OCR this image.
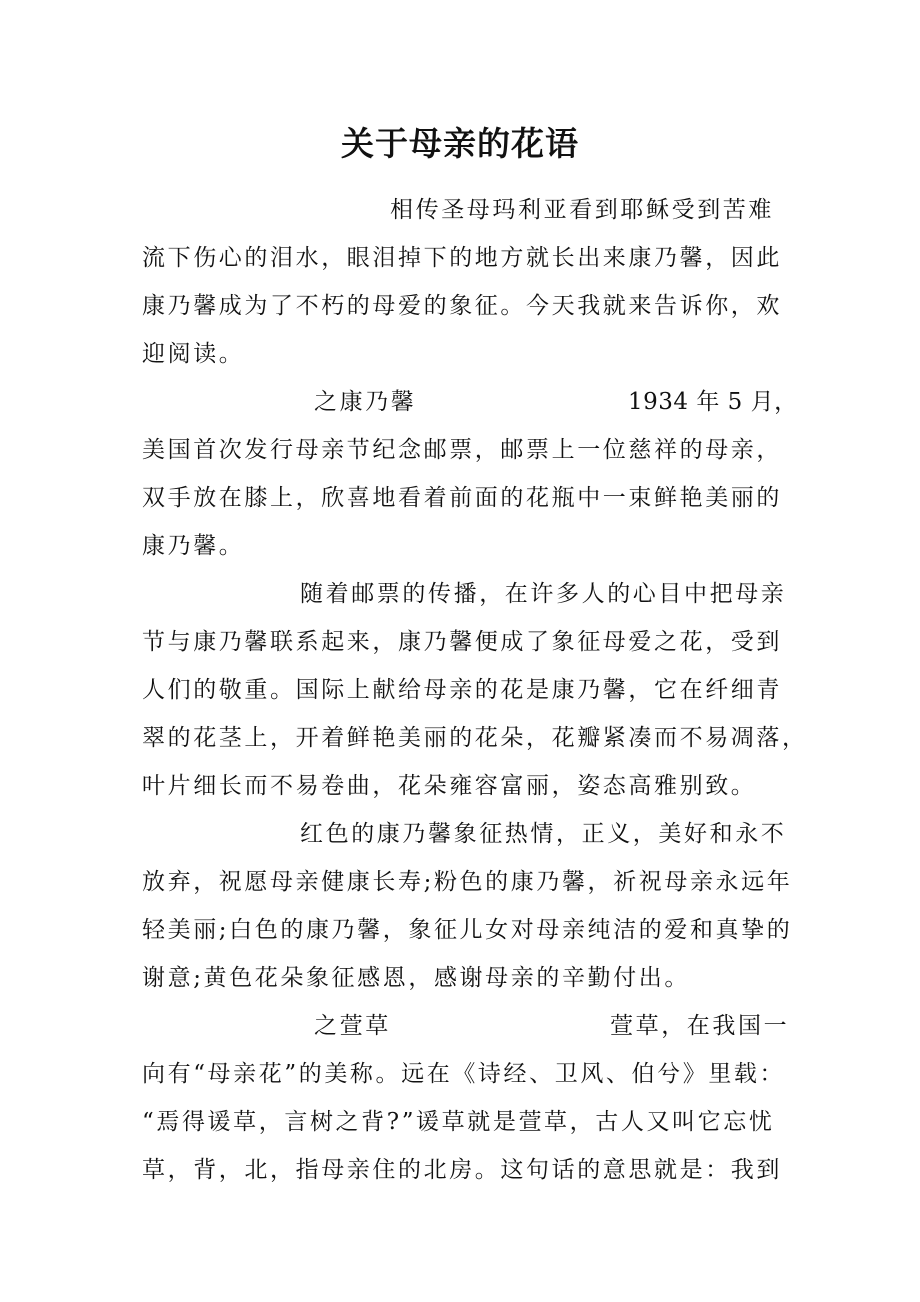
关于母亲的花语
相传圣母玛利亚看到耶稣受到苦难
流下伤心的泪水，眼泪掉下的地方就长出来康乃馨，因此
康乃馨成为了不朽的母爱的象征。今天我就来告诉你，欢
迎阅读。
之康乃馨	1934 年 5 月，
美国首次发行母亲节纪念邮票，邮票上一位慈祥的母亲，
双手放在膝上，欣喜地看着前面的花瓶中一束鲜艳美丽的
康乃馨。
随着邮票的传播，在许多人的心目中把母亲
节与康乃馨联系起来，康乃馨便成了象征母爱之花，受到
人们的敬重。国际上献给母亲的花是康乃馨，它在纤细青
翠的花茎上，开着鲜艳美丽的花朵，花瓣紧凑而不易凋落，
叶片细长而不易卷曲，花朵雍容富丽，姿态高雅别致。
红色的康乃馨象征热情，正义，美好和永不
放弃，祝愿母亲健康长寿;粉色的康乃馨，祈祝母亲永远年
轻美丽;白色的康乃馨，象征儿女对母亲纯洁的爱和真挚的
谢意;黄色花朵象征感恩，感谢母亲的辛勤付出。
之萱草	萱草，在我国一
向有“母亲花”的美称。远在《诗经、卫风、伯兮》里载：
“焉得谖草，言树之背?”谖草就是萱草，古人又叫它忘忧
草，背，北，指母亲住的北房。这句话的意思就是：我到
